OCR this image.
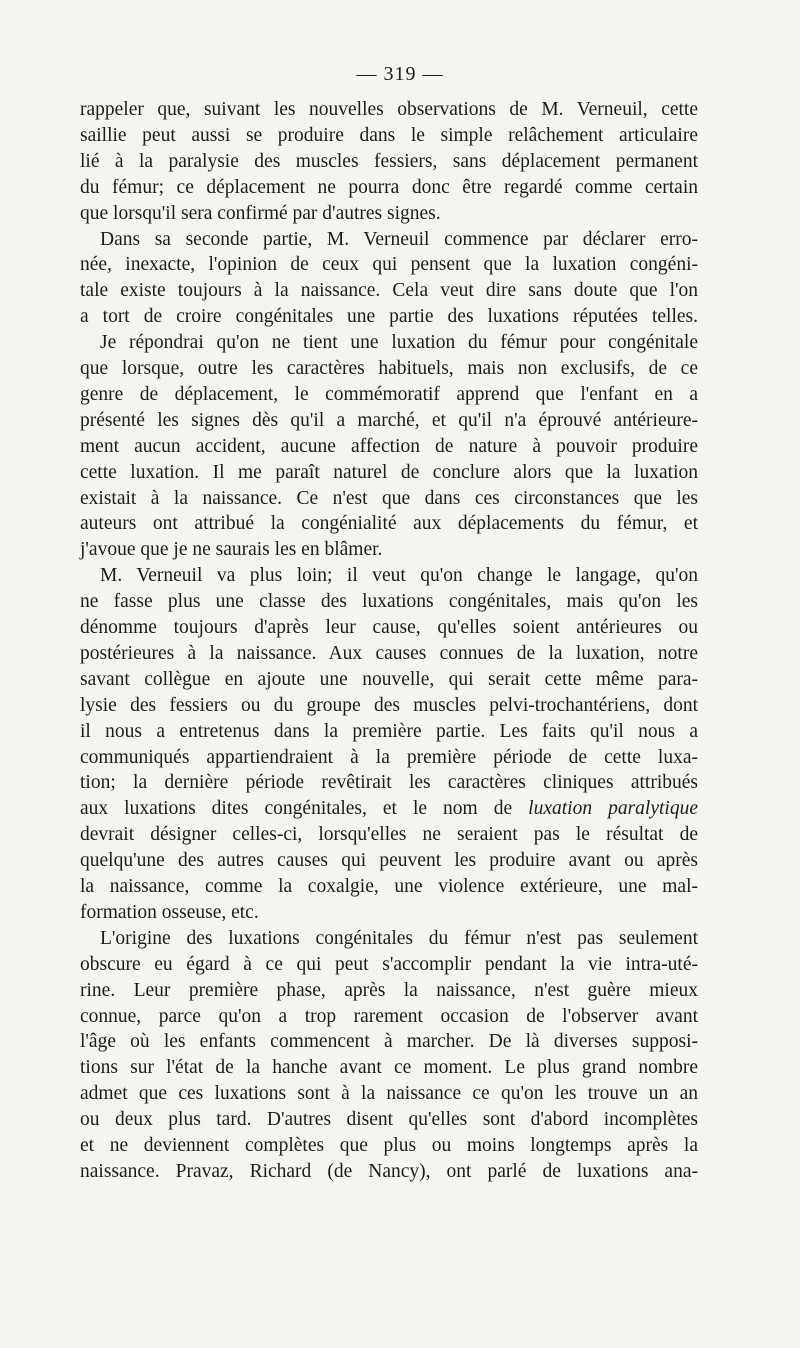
— 319 —
rappeler que, suivant les nouvelles observations de M. Verneuil, cette
saillie peut aussi se produire dans le simple relâchement articulaire
lié à la paralysie des muscles fessiers, sans déplacement permanent
du fémur; ce déplacement ne pourra donc être regardé comme certain
que lorsqu'il sera confirmé par d'autres signes.
Dans sa seconde partie, M. Verneuil commence par déclarer erro-
née, inexacte, l'opinion de ceux qui pensent que la luxation congéni-
tale existe toujours à la naissance. Cela veut dire sans doute que l'on
a tort de croire congénitales une partie des luxations réputées telles.
Je répondrai qu'on ne tient une luxation du fémur pour congénitale
que lorsque, outre les caractères habituels, mais non exclusifs, de ce
genre de déplacement, le commémoratif apprend que l'enfant en a
présenté les signes dès qu'il a marché, et qu'il n'a éprouvé antérieure-
ment aucun accident, aucune affection de nature à pouvoir produire
cette luxation. Il me paraît naturel de conclure alors que la luxation
existait à la naissance. Ce n'est que dans ces circonstances que les
auteurs ont attribué la congénialité aux déplacements du fémur, et
j'avoue que je ne saurais les en blâmer.
M. Verneuil va plus loin; il veut qu'on change le langage, qu'on
ne fasse plus une classe des luxations congénitales, mais qu'on les
dénomme toujours d'après leur cause, qu'elles soient antérieures ou
postérieures à la naissance. Aux causes connues de la luxation, notre
savant collègue en ajoute une nouvelle, qui serait cette même para-
lysie des fessiers ou du groupe des muscles pelvi-trochantériens, dont
il nous a entretenus dans la première partie. Les faits qu'il nous a
communiqués appartiendraient à la première période de cette luxa-
tion; la dernière période revêtirait les caractères cliniques attribués
aux luxations dites congénitales, et le nom de luxation paralytique
devrait désigner celles-ci, lorsqu'elles ne seraient pas le résultat de
quelqu'une des autres causes qui peuvent les produire avant ou après
la naissance, comme la coxalgie, une violence extérieure, une mal-
formation osseuse, etc.
L'origine des luxations congénitales du fémur n'est pas seulement
obscure eu égard à ce qui peut s'accomplir pendant la vie intra-uté-
rine. Leur première phase, après la naissance, n'est guère mieux
connue, parce qu'on a trop rarement occasion de l'observer avant
l'âge où les enfants commencent à marcher. De là diverses supposi-
tions sur l'état de la hanche avant ce moment. Le plus grand nombre
admet que ces luxations sont à la naissance ce qu'on les trouve un an
ou deux plus tard. D'autres disent qu'elles sont d'abord incomplètes
et ne deviennent complètes que plus ou moins longtemps après la
naissance. Pravaz, Richard (de Nancy), ont parlé de luxations ana-
